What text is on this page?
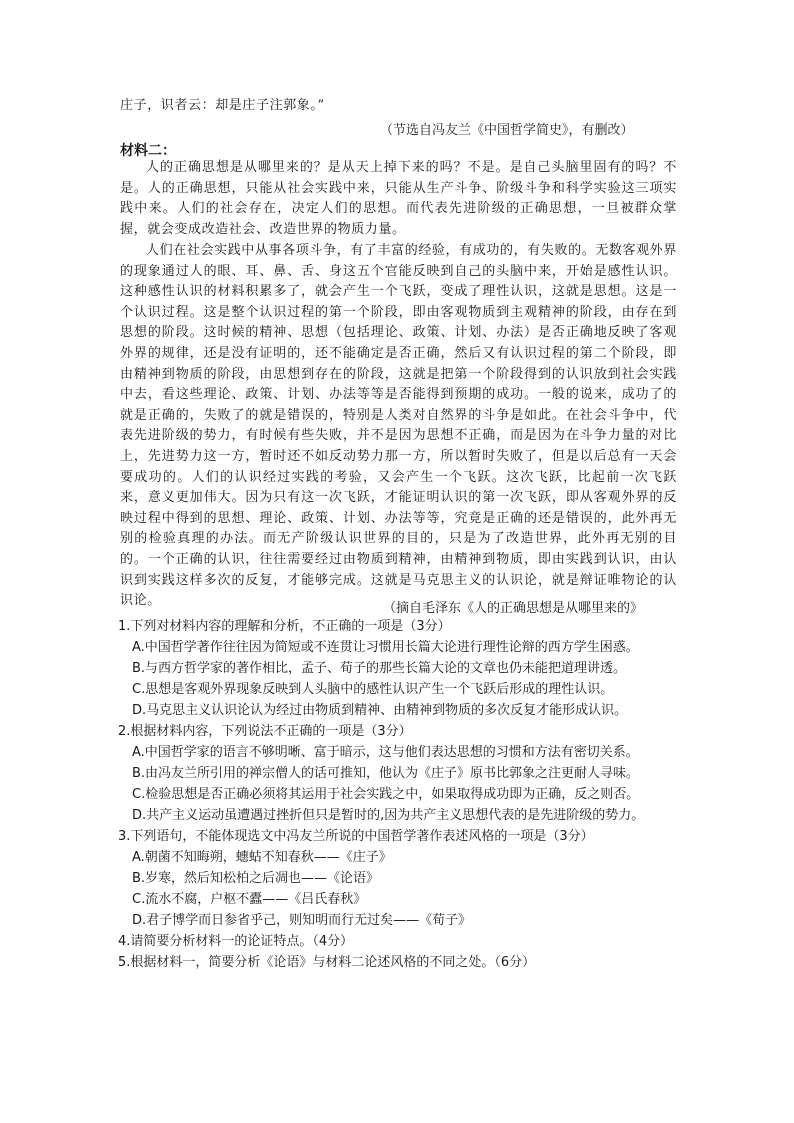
庄子，识者云：却是庄子注郭象。”
（节选自冯友兰《中国哲学简史》，有删改）
材料二：

人的正确思想是从哪里来的？是从天上掉下来的吗？不是。是自己头脑里固有的吗？不是。人的正确思想，只能从社会实践中来，只能从生产斗争、阶级斗争和科学实验这三项实践中来。人们的社会存在，决定人们的思想。而代表先进阶级的正确思想，一旦被群众掌握，就会变成改造社会、改造世界的物质力量。

人们在社会实践中从事各项斗争，有了丰富的经验，有成功的，有失败的。无数客观外界的现象通过人的眼、耳、鼻、舌、身这五个官能反映到自己的头脑中来，开始是感性认识。这种感性认识的材料积累多了，就会产生一个飞跃，变成了理性认识，这就是思想。这是一个认识过程。这是整个认识过程的第一个阶段，即由客观物质到主观精神的阶段，由存在到思想的阶段。这时候的精神、思想（包括理论、政策、计划、办法）是否正确地反映了客观外界的规律，还是没有证明的，还不能确定是否正确，然后又有认识过程的第二个阶段，即由精神到物质的阶段，由思想到存在的阶段，这就是把第一个阶段得到的认识放到社会实践中去，看这些理论、政策、计划、办法等等是否能得到预期的成功。一般的说来，成功了的就是正确的，失败了的就是错误的，特别是人类对自然界的斗争是如此。在社会斗争中，代表先进阶级的势力，有时候有些失败，并不是因为思想不正确，而是因为在斗争力量的对比上，先进势力这一方，暂时还不如反动势力那一方，所以暂时失败了，但是以后总有一天会要成功的。人们的认识经过实践的考验，又会产生一个飞跃。这次飞跃，比起前一次飞跃来，意义更加伟大。因为只有这一次飞跃，才能证明认识的第一次飞跃，即从客观外界的反映过程中得到的思想、理论、政策、计划、办法等等，究竟是正确的还是错误的，此外再无别的检验真理的办法。而无产阶级认识世界的目的，只是为了改造世界，此外再无别的目的。一个正确的认识，往往需要经过由物质到精神，由精神到物质，即由实践到认识，由认识到实践这样多次的反复，才能够完成。这就是马克思主义的认识论，就是辩证唯物论的认识论。

（摘自毛泽东《人的正确思想是从哪里来的》
1.下列对材料内容的理解和分析，不正确的一项是（3分）
A.中国哲学著作往往因为简短或不连贯让习惯用长篇大论进行理性论辩的西方学生困惑。
B.与西方哲学家的著作相比，孟子、荀子的那些长篇大论的文章也仍未能把道理讲透。
C.思想是客观外界现象反映到人头脑中的感性认识产生一个飞跃后形成的理性认识。
D.马克思主义认识论认为经过由物质到精神、由精神到物质的多次反复才能形成认识。
2.根据材料内容，下列说法不正确的一项是（3分）
A.中国哲学家的语言不够明晰、富于暗示，这与他们表达思想的习惯和方法有密切关系。
B.由冯友兰所引用的禅宗僧人的话可推知，他认为《庄子》原书比郭象之注更耐人寻味。
C.检验思想是否正确必须将其运用于社会实践之中，如果取得成功即为正确，反之则否。
D.共产主义运动虽遭遇过挫折但只是暂时的,因为共产主义思想代表的是先进阶级的势力。
3.下列语句，不能体现选文中冯友兰所说的中国哲学著作表述风格的一项是（3分）
A.朝菌不知晦朔，蟪蛄不知春秋——《庄子》
B.岁寒，然后知松柏之后凋也——《论语》
C.流水不腐，户枢不蠹——《吕氏春秋》
D.君子博学而日参省乎己，则知明而行无过矣——《荀子》
4.请简要分析材料一的论证特点。（4分）
5.根据材料一，简要分析《论语》与材料二论述风格的不同之处。（6分）
